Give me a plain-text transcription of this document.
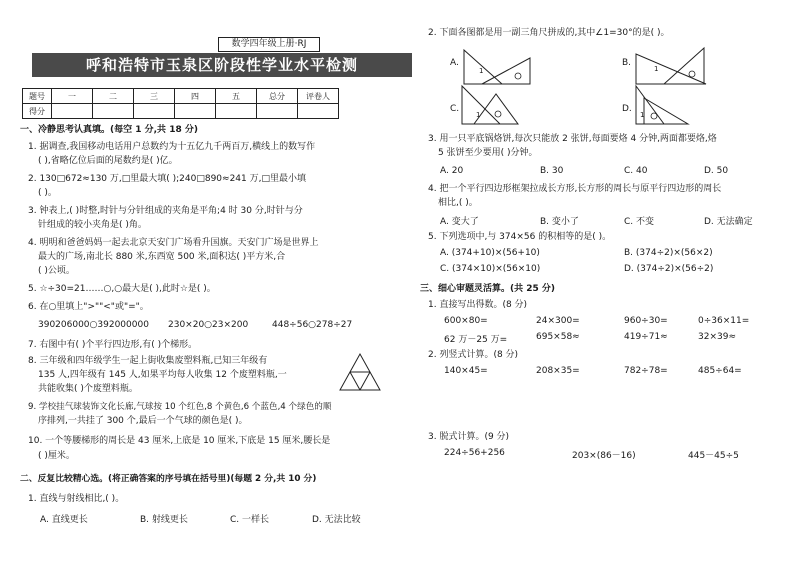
数学四年级上册·RJ
呼和浩特市玉泉区阶段性学业水平检测
题号	一	二	三	四	五	总分	评卷人
得分							
一、冷静思考认真填。(每空 1 分,共 18 分)
1. 据调查,我国移动电话用户总数约为十五亿九千两百万,横线上的数写作
( ),省略亿位后面的尾数约是( )亿。
2. 130□672≈130 万,□里最大填( );240□890≈241 万,□里最小填
( )。
3. 钟表上,( )时整,时针与分针组成的夹角是平角;4 时 30 分,时针与分
针组成的较小夹角是( )角。
4. 明明和爸爸妈妈一起去北京天安门广场看升国旗。天安门广场是世界上
最大的广场,南北长 880 米,东西宽 500 米,面积达( )平方米,合
( )公顷。
5. ☆÷30=21……○,○最大是( ),此时☆是( )。
6. 在○里填上">""<"或"="。
390206000○392000000 230×20○23×200	448÷56○278÷27
7. 右图中有( )个平行四边形,有( )个梯形。
8. 三年级和四年级学生一起上街收集废塑料瓶,已知三年级有
135 人,四年级有 145 人,如果平均每人收集 12 个废塑料瓶,一
共能收集( )个废塑料瓶。
9. 学校挂气球装饰文化长廊,气球按 10 个红色,8 个黄色,6 个蓝色,4 个绿色的顺
序排列,一共挂了 300 个,最后一个气球的颜色是( )。
10. 一个等腰梯形的周长是 43 厘米,上底是 10 厘米,下底是 15 厘米,腰长是
( )厘米。
二、反复比较精心选。(将正确答案的序号填在括号里)(每题 2 分,共 10 分)
1. 直线与射线相比,( )。
A. 直线更长	B. 射线更长	C. 一样长	D. 无法比较
2. 下面各图都是用一副三角尺拼成的,其中∠1=30°的是( )。
A.
1
B.
1
C.
1
D.
1
3. 用一只平底锅烙饼,每次只能放 2 张饼,每面要烙 4 分钟,两面都要烙,烙
5 张饼至少要用( )分钟。
A. 20	B. 30	C. 40	D. 50
4. 把一个平行四边形框架拉成长方形,长方形的周长与原平行四边形的周长
相比,( )。
A. 变大了	B. 变小了	C. 不变	D. 无法确定
5. 下列选项中,与 374×56 的积相等的是( )。
A. (374+10)×(56+10)	B. (374÷2)×(56×2)
C. (374×10)×(56×10)	D. (374÷2)×(56÷2)
三、细心审题灵活算。(共 25 分)
1. 直接写出得数。(8 分)
600×80=	24×300=	960÷30=	0÷36×11=
62 万－25 万=	695×58≈	419÷71≈	32×39≈
2. 列竖式计算。(8 分)
140×45=	208×35=	782÷78=	485÷64=
3. 脱式计算。(9 分)
224÷56+256	203×(86－16)	445－45÷5
